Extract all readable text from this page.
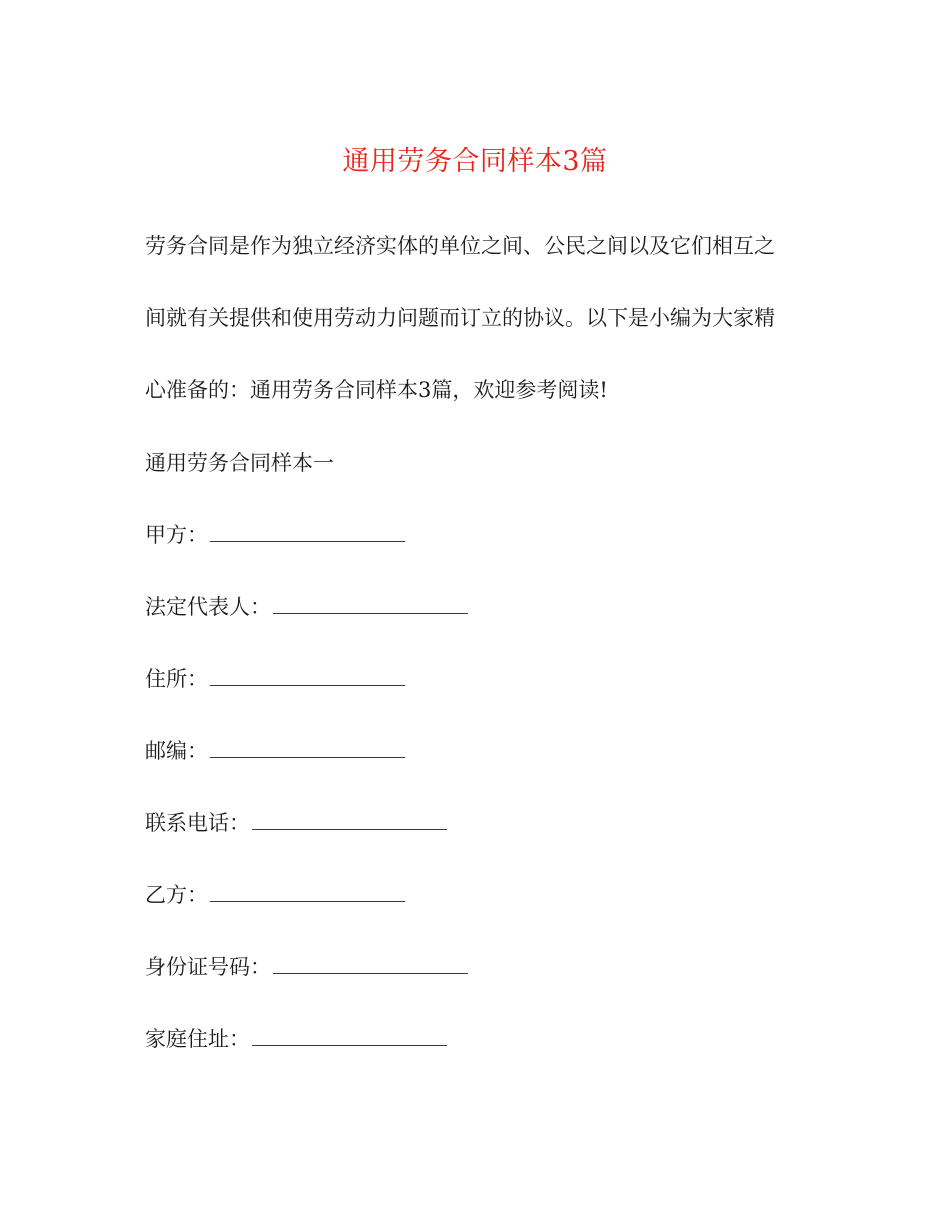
通用劳务合同样本3篇
劳务合同是作为独立经济实体的单位之间、公民之间以及它们相互之
间就有关提供和使用劳动力问题而订立的协议。以下是小编为大家精
心准备的：通用劳务合同样本3篇，欢迎参考阅读!
通用劳务合同样本一
甲方：
法定代表人：
住所：
邮编：
联系电话：
乙方：
身份证号码：
家庭住址：
